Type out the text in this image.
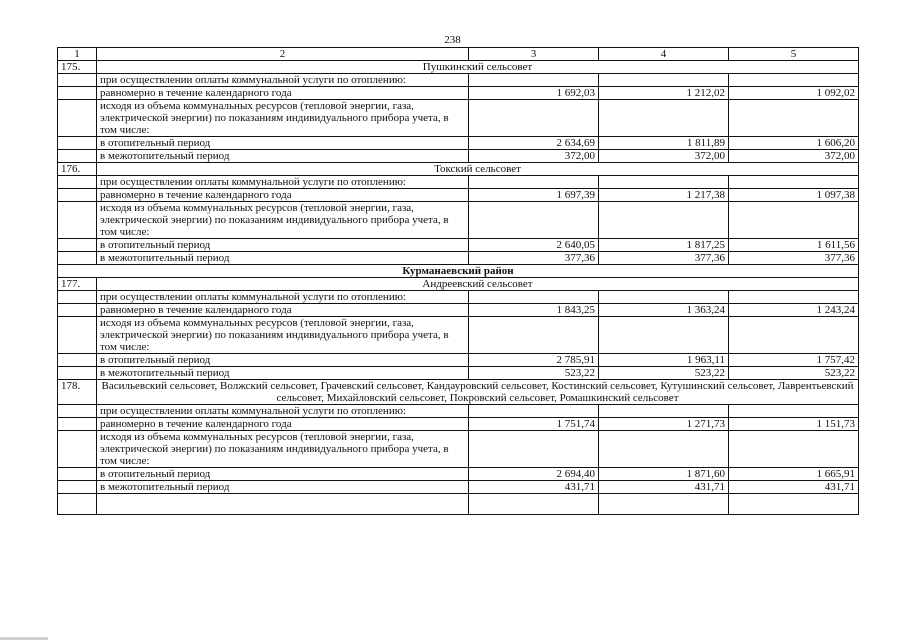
238
1	2	3	4	5
175.	Пушкинский сельсовет			
	при осуществлении оплаты коммунальной услуги по отоплению:			
	равномерно в течение календарного года	1 692,03	1 212,02	1 092,02
	исходя из объема коммунальных ресурсов (тепловой энергии, газа, электрической энергии) по показаниям индивидуального прибора учета, в том числе:			
	в отопительный период	2 634,69	1 811,89	1 606,20
	в межотопительный период	372,00	372,00	372,00
176.	Токский сельсовет			
	при осуществлении оплаты коммунальной услуги по отоплению:			
	равномерно в течение календарного года	1 697,39	1 217,38	1 097,38
	исходя из объема коммунальных ресурсов (тепловой энергии, газа, электрической энергии) по показаниям индивидуального прибора учета, в том числе:			
	в отопительный период	2 640,05	1 817,25	1 611,56
	в межотопительный период	377,36	377,36	377,36
Курманаевский район				
177.	Андреевский сельсовет			
	при осуществлении оплаты коммунальной услуги по отоплению:			
	равномерно в течение календарного года	1 843,25	1 363,24	1 243,24
	исходя из объема коммунальных ресурсов (тепловой энергии, газа, электрической энергии) по показаниям индивидуального прибора учета, в том числе:			
	в отопительный период	2 785,91	1 963,11	1 757,42
	в межотопительный период	523,22	523,22	523,22
178.	Васильевский сельсовет, Волжский сельсовет, Грачевский сельсовет, Кандауровский сельсовет, Костинский сельсовет, Кутушинский сельсовет, Лаврентьевский сельсовет, Михайловский сельсовет, Покровский сельсовет, Ромашкинский сельсовет			
	при осуществлении оплаты коммунальной услуги по отоплению:			
	равномерно в течение календарного года	1 751,74	1 271,73	1 151,73
	исходя из объема коммунальных ресурсов (тепловой энергии, газа, электрической энергии) по показаниям индивидуального прибора учета, в том числе:			
	в отопительный период	2 694,40	1 871,60	1 665,91
	в межотопительный период	431,71	431,71	431,71
